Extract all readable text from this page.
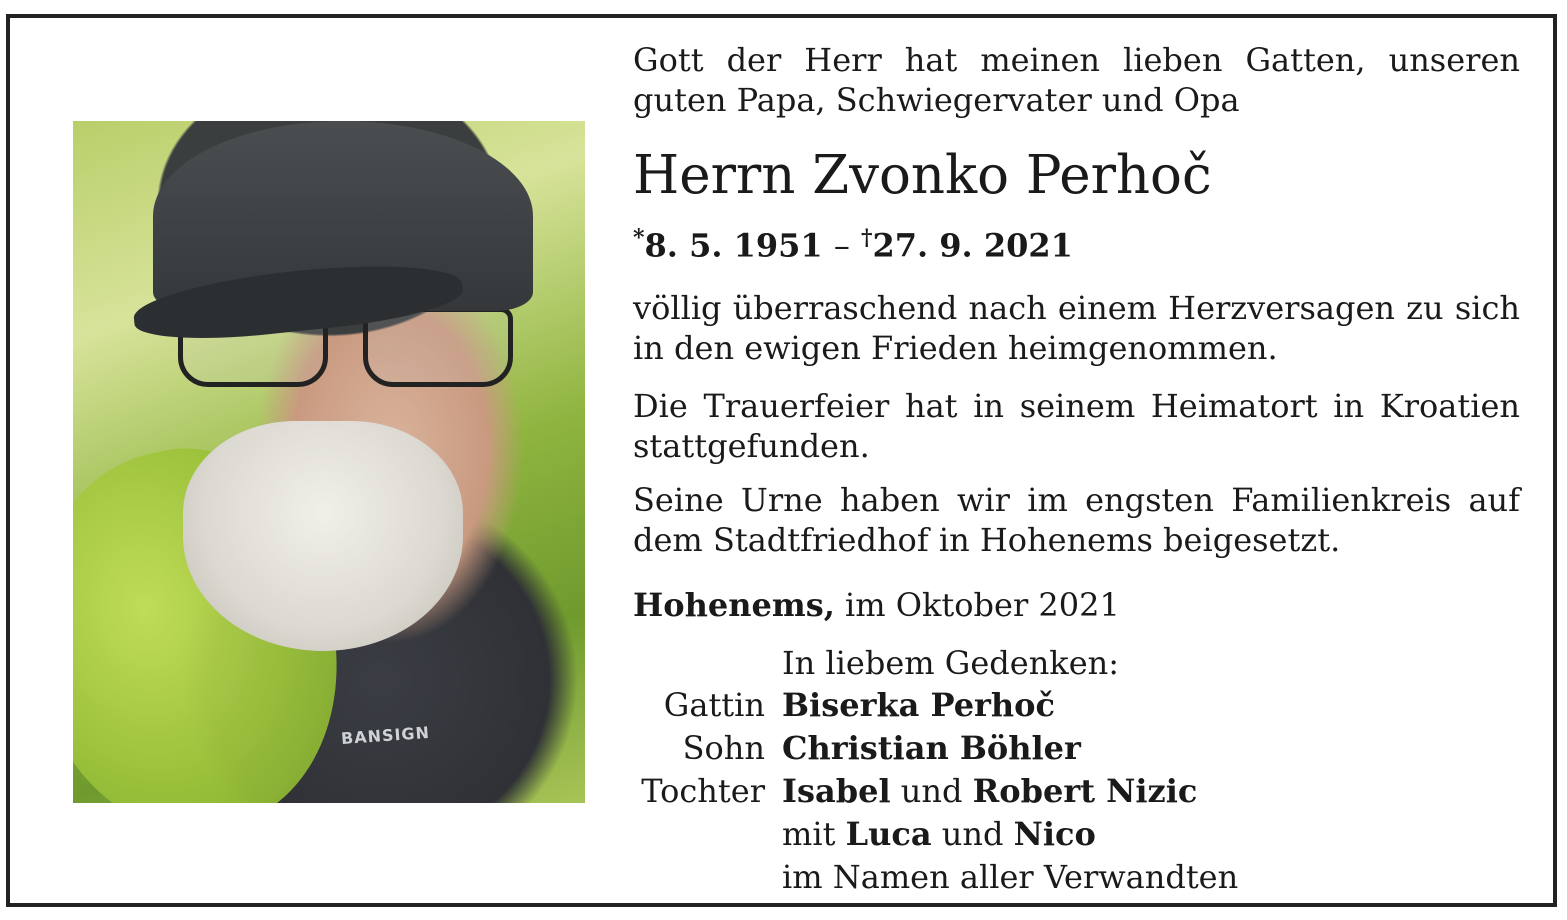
BANSIGN
Gott der Herr hat meinen lieben Gatten, unseren guten Papa, Schwiegervater und Opa
Herrn Zvonko Perhoč
*8. 5. 1951 – †27. 9. 2021
völlig überraschend nach einem Herzversagen zu sich in den ewigen Frieden heimgenommen.
Die Trauerfeier hat in seinem Heimatort in Kroatien stattgefunden.
Seine Urne haben wir im engsten Familienkreis auf dem Stadtfriedhof in Hohenems beigesetzt.
Hohenems, im Oktober 2021
In liebem Gedenken:
Gattin Biserka Perhoč
Sohn Christian Böhler
Tochter Isabel und Robert Nizic
mit Luca und Nico
im Namen aller Verwandten
